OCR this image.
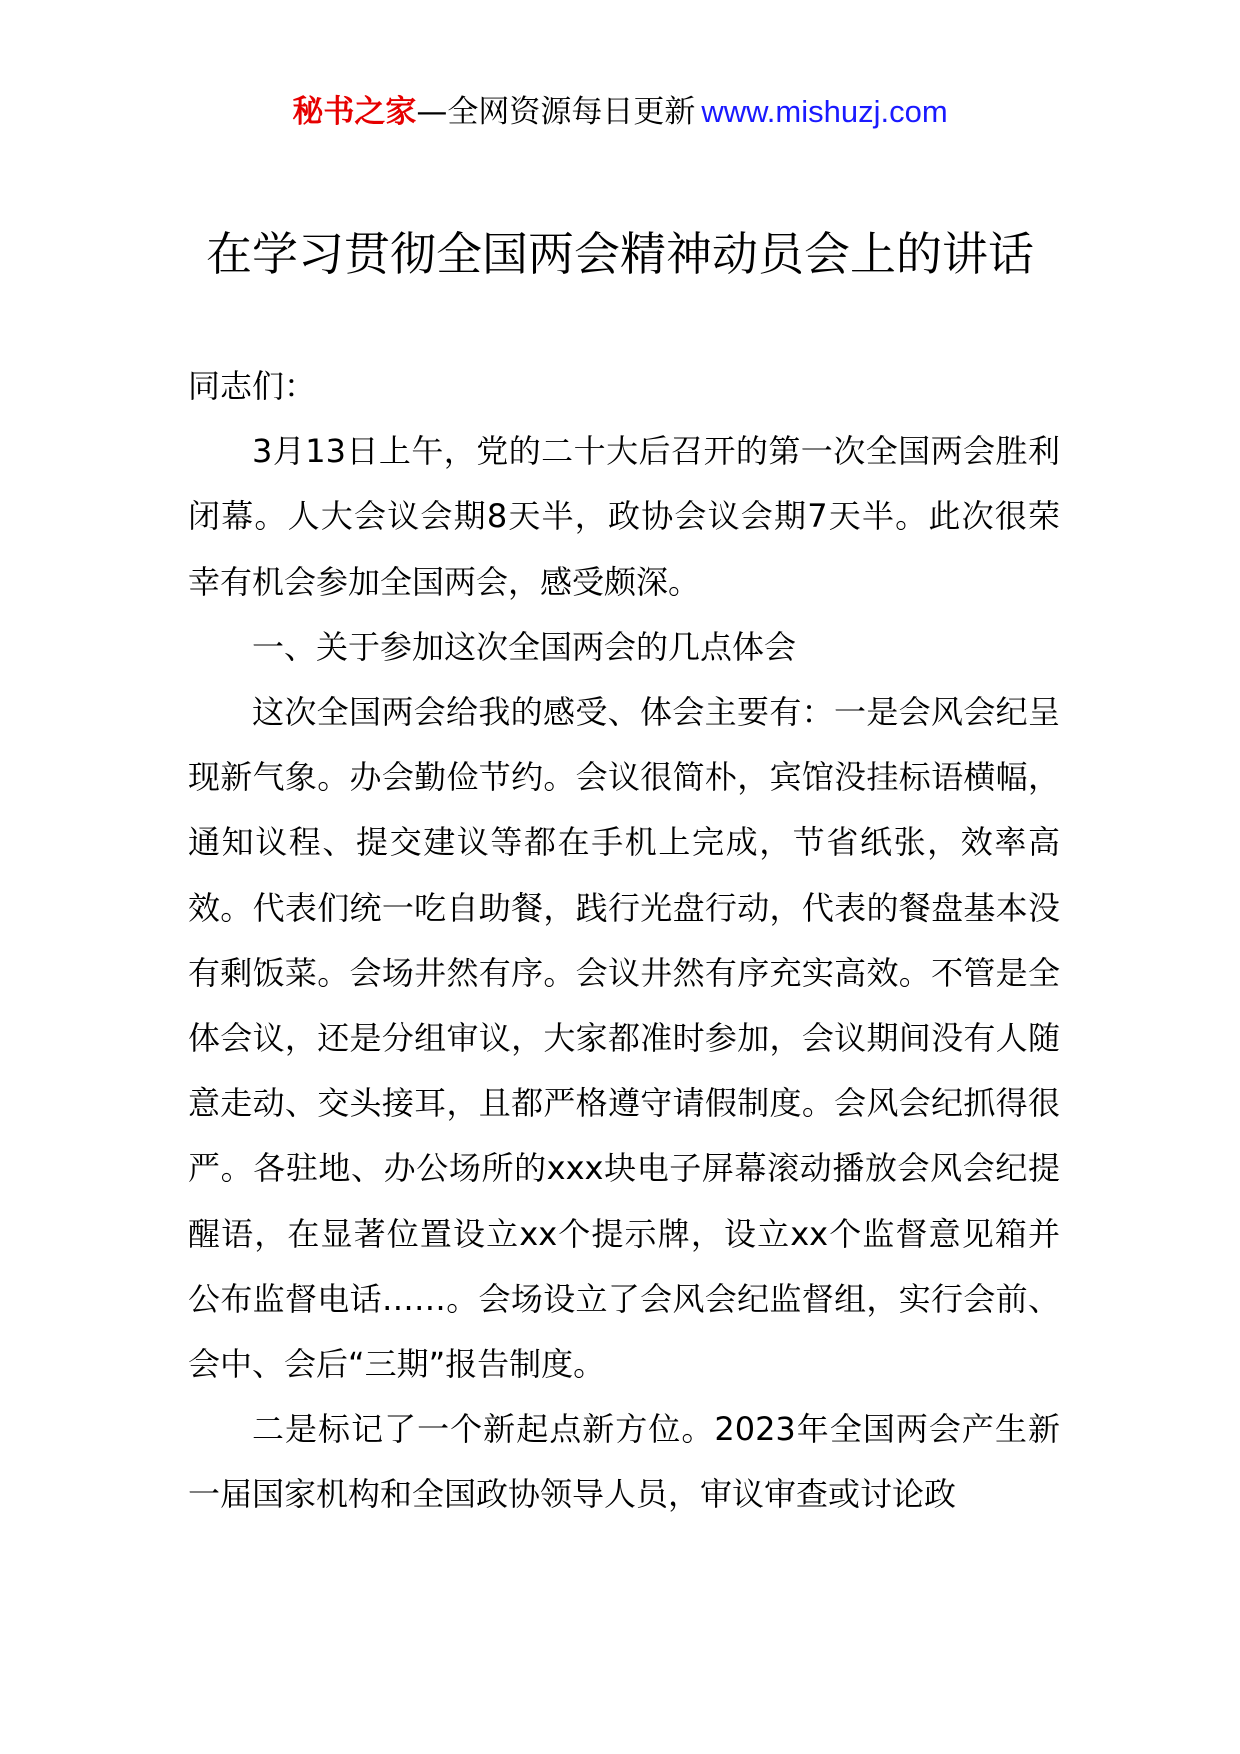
秘书之家—全网资源每日更新 www.mishuzj.com
在学习贯彻全国两会精神动员会上的讲话

同志们：

3月13日上午，党的二十大后召开的第一次全国两会胜利闭幕。人大会议会期8天半，政协会议会期7天半。此次很荣幸有机会参加全国两会，感受颇深。

一、关于参加这次全国两会的几点体会

这次全国两会给我的感受、体会主要有：一是会风会纪呈现新气象。办会勤俭节约。会议很简朴，宾馆没挂标语横幅，通知议程、提交建议等都在手机上完成，节省纸张，效率高效。代表们统一吃自助餐，践行光盘行动，代表的餐盘基本没有剩饭菜。会场井然有序。会议井然有序充实高效。不管是全体会议，还是分组审议，大家都准时参加，会议期间没有人随意走动、交头接耳，且都严格遵守请假制度。会风会纪抓得很严。各驻地、办公场所的xxx块电子屏幕滚动播放会风会纪提醒语，在显著位置设立xx个提示牌，设立xx个监督意见箱并公布监督电话……。会场设立了会风会纪监督组，实行会前、会中、会后“三期”报告制度。

二是标记了一个新起点新方位。2023年全国两会产生新一届国家机构和全国政协领导人员，审议审查或讨论政
